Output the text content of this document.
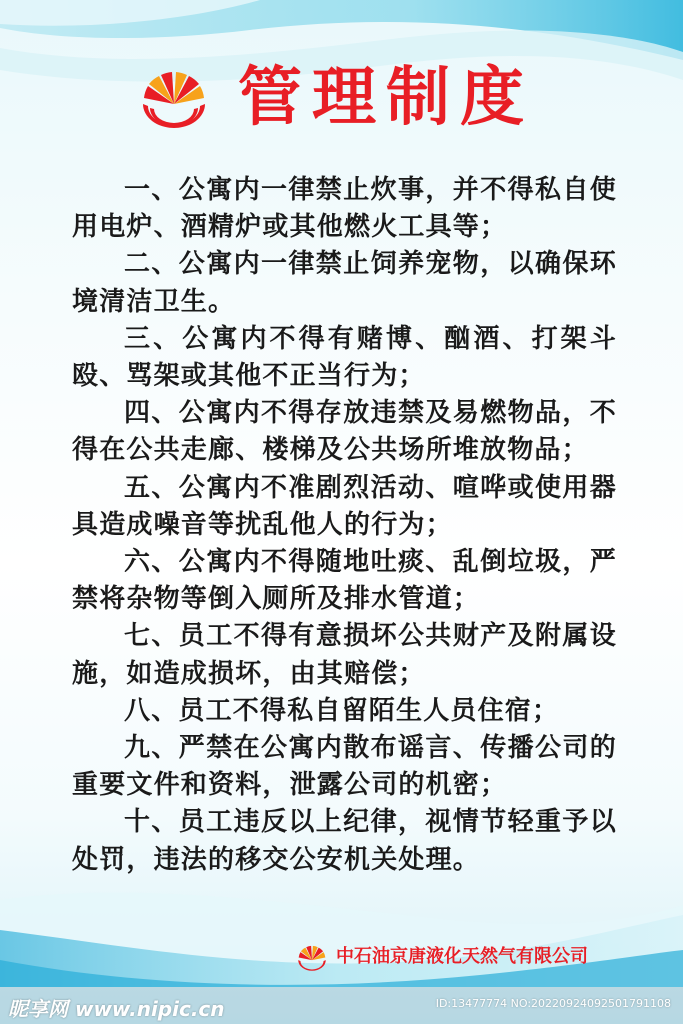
管理制度

一、公寓内一律禁止炊事，并不得私自使用电炉、酒精炉或其他燃火工具等；

二、公寓内一律禁止饲养宠物，以确保环境清洁卫生。

三、公寓内不得有赌博、酗酒、打架斗殴、骂架或其他不正当行为；

四、公寓内不得存放违禁及易燃物品，不得在公共走廊、楼梯及公共场所堆放物品；

五、公寓内不准剧烈活动、喧哗或使用器具造成噪音等扰乱他人的行为；

六、公寓内不得随地吐痰、乱倒垃圾，严禁将杂物等倒入厕所及排水管道；

七、员工不得有意损坏公共财产及附属设施，如造成损坏，由其赔偿；

八、员工不得私自留陌生人员住宿；

九、严禁在公寓内散布谣言、传播公司的重要文件和资料，泄露公司的机密；

十、员工违反以上纪律，视情节轻重予以处罚，违法的移交公安机关处理。

中石油京唐液化天然气有限公司
昵享网 www.nipic.cn	ID:13477774 NO:20220924092501791108
